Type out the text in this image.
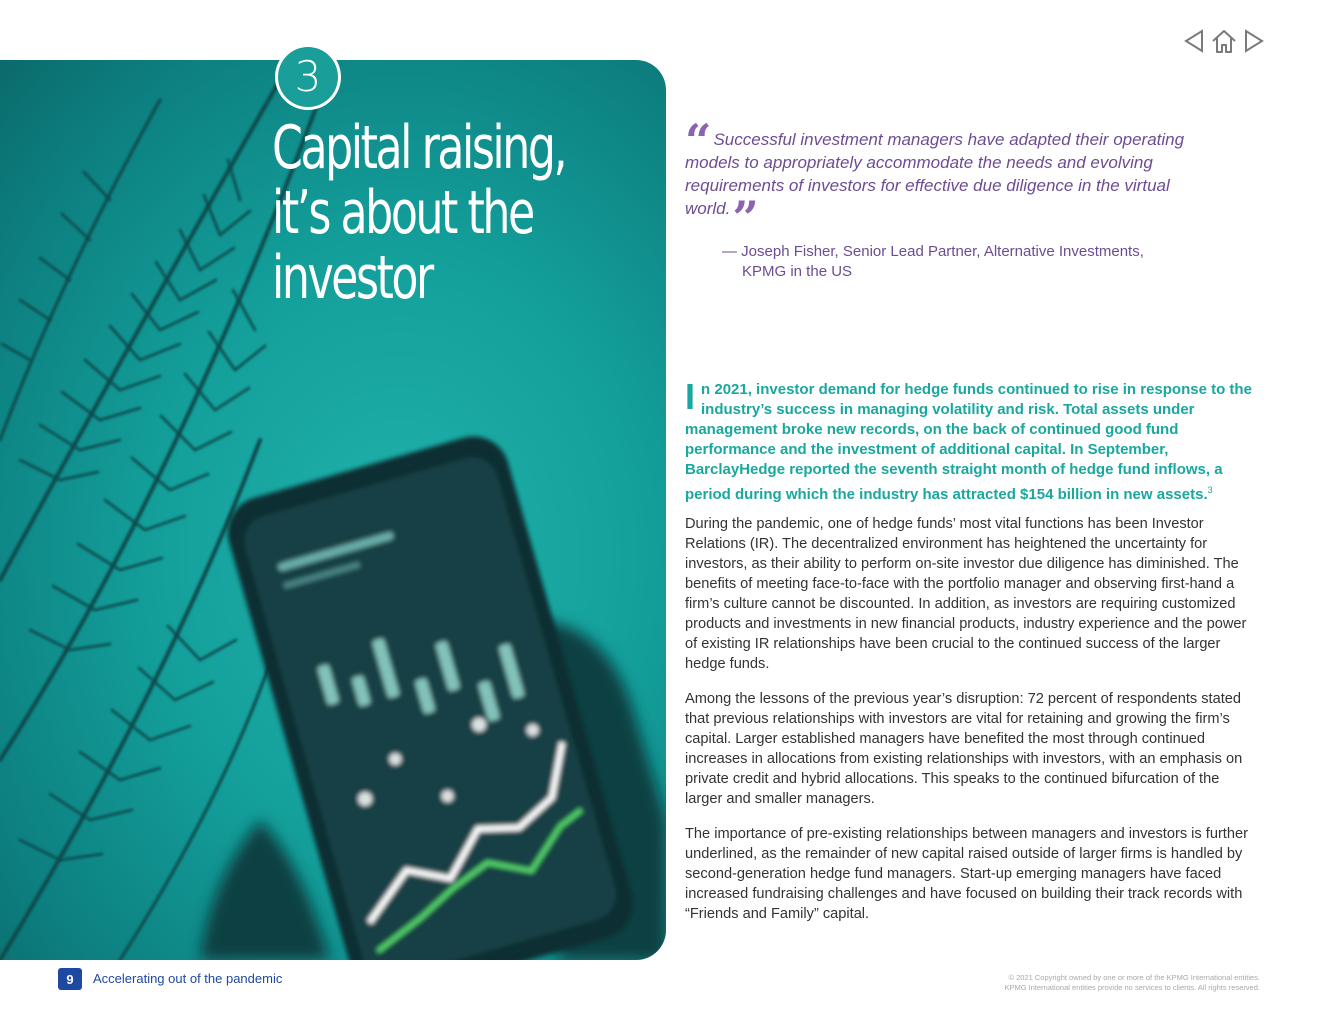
3
Capital raising,
it’s about the
investor
“ Successful investment managers have adapted their operating models to appropriately accommodate the needs and evolving requirements of investors for effective due diligence in the virtual world.”
— Joseph Fisher, Senior Lead Partner, Alternative Investments,
KPMG in the US
In 2021, investor demand for hedge funds continued to rise in response to the industry’s success in managing volatility and risk. Total assets under management broke new records, on the back of continued good fund performance and the investment of additional capital. In September, BarclayHedge reported the seventh straight month of hedge fund inflows, a period during which the industry has attracted $154 billion in new assets.$^3$

During the pandemic, one of hedge funds’ most vital functions has been Investor Relations (IR). The decentralized environment has heightened the uncertainty for investors, as their ability to perform on-site investor due diligence has diminished. The benefits of meeting face-to-face with the portfolio manager and observing first-hand a firm’s culture cannot be discounted. In addition, as investors are requiring customized products and investments in new financial products, industry experience and the power of existing IR relationships have been crucial to the continued success of the larger hedge funds.

Among the lessons of the previous year’s disruption: 72 percent of respondents stated that previous relationships with investors are vital for retaining and growing the firm’s capital. Larger established managers have benefited the most through continued increases in allocations from existing relationships with investors, with an emphasis on private credit and hybrid allocations. This speaks to the continued bifurcation of the larger and smaller managers.

The importance of pre-existing relationships between managers and investors is further underlined, as the remainder of new capital raised outside of larger firms is handled by second-generation hedge fund managers. Start-up emerging managers have faced increased fundraising challenges and have focused on building their track records with “Friends and Family” capital.

9	Accelerating out of the pandemic	© 2021 Copyright owned by one or more of the KPMG International entities.
KPMG International entities provide no services to clients. All rights reserved.
